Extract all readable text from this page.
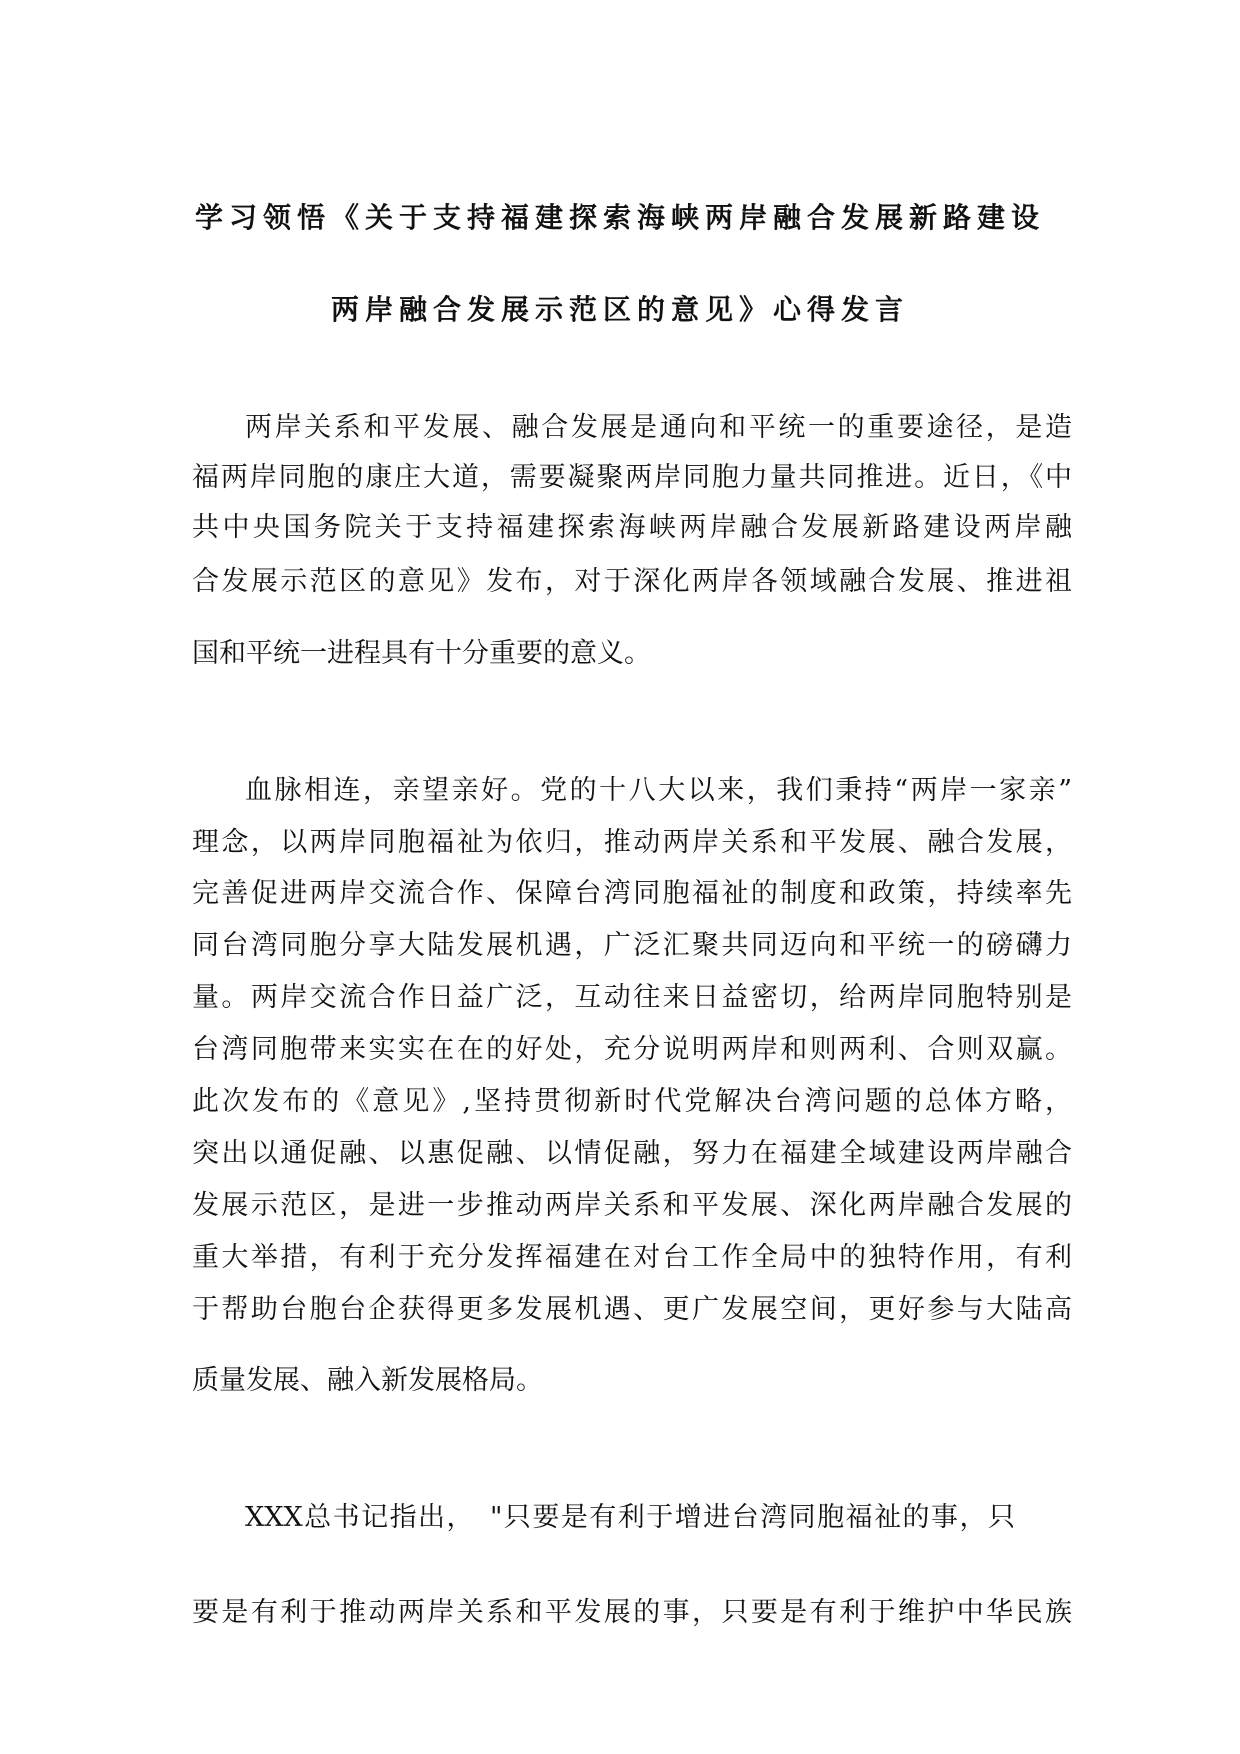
学习领悟《关于支持福建探索海峡两岸融合发展新路建设
两岸融合发展示范区的意见》心得发言
两岸关系和平发展、融合发展是通向和平统一的重要途径，是造
福两岸同胞的康庄大道，需要凝聚两岸同胞力量共同推进。近日，《中
共中央国务院关于支持福建探索海峡两岸融合发展新路建设两岸融
合发展示范区的意见》发布，对于深化两岸各领域融合发展、推进祖
国和平统一进程具有十分重要的意义。
血脉相连，亲望亲好。党的十八大以来，我们秉持“两岸一家亲”
理念，以两岸同胞福祉为依归，推动两岸关系和平发展、融合发展，
完善促进两岸交流合作、保障台湾同胞福祉的制度和政策，持续率先
同台湾同胞分享大陆发展机遇，广泛汇聚共同迈向和平统一的磅礴力
量。两岸交流合作日益广泛，互动往来日益密切，给两岸同胞特别是
台湾同胞带来实实在在的好处，充分说明两岸和则两利、合则双赢。
此次发布的《意见》,坚持贯彻新时代党解决台湾问题的总体方略，
突出以通促融、以惠促融、以情促融，努力在福建全域建设两岸融合
发展示范区，是进一步推动两岸关系和平发展、深化两岸融合发展的
重大举措，有利于充分发挥福建在对台工作全局中的独特作用，有利
于帮助台胞台企获得更多发展机遇、更广发展空间，更好参与大陆高
质量发展、融入新发展格局。
XXX总书记指出，　"只要是有利于增进台湾同胞福祉的事，只
要是有利于推动两岸关系和平发展的事，只要是有利于维护中华民族
